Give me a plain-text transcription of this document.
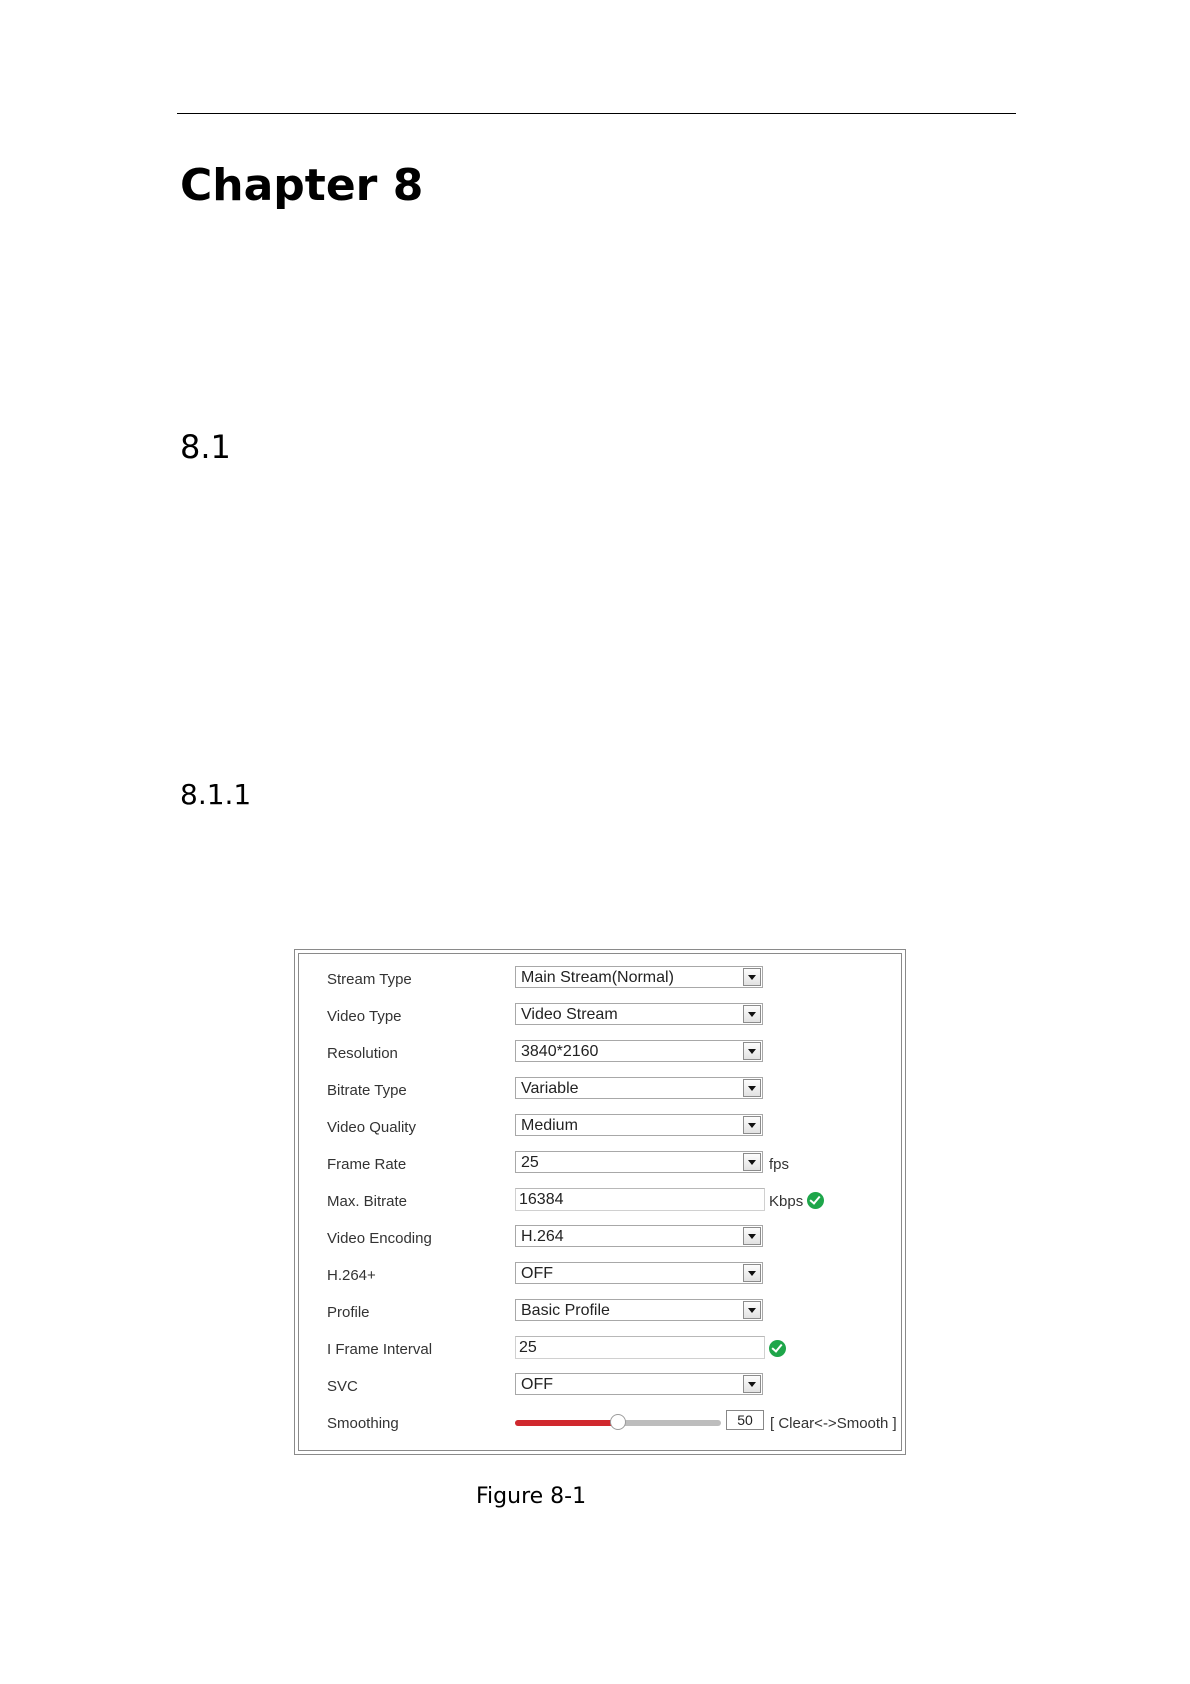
Chapter 8
8.1
8.1.1
Stream Type	Main Stream(Normal)
Video Type	Video Stream
Resolution	3840*2160
Bitrate Type	Variable
Video Quality	Medium
Frame Rate	25	fps
Max. Bitrate	16384	Kbps
Video Encoding	H.264
H.264+	OFF
Profile	Basic Profile
I Frame Interval	25
SVC	OFF
Smoothing	50	[ Clear<->Smooth ]
Figure 8-1
